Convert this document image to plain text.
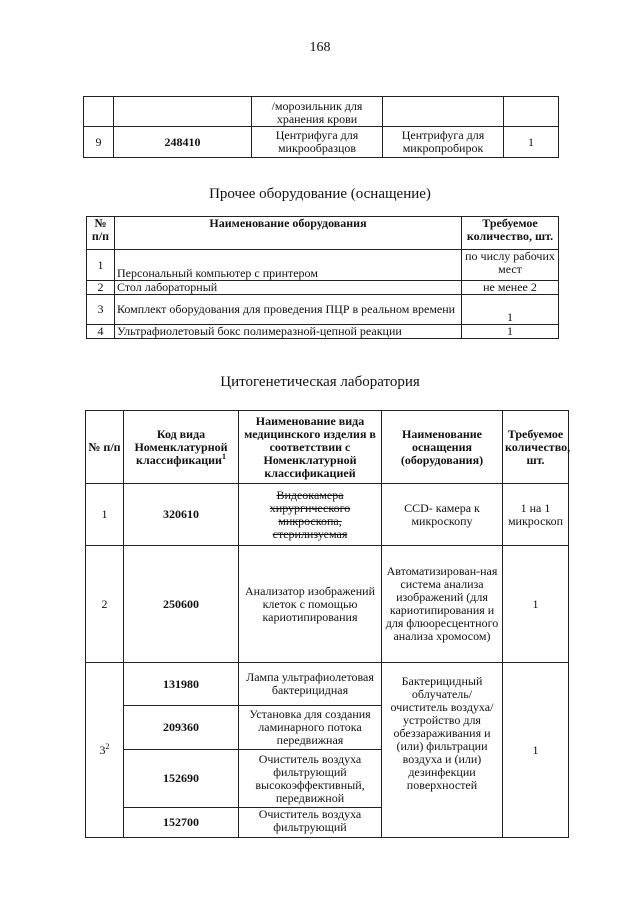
168
		/морозильник для хранения крови		
9	248410	Центрифуга для микрообразцов	Центрифуга для микропробирок	1
Прочее оборудование (оснащение)
№ п/п	Наименование оборудования	Требуемое количество, шт.
1	Персональный компьютер с принтером	по числу рабочих мест
2	Стол лабораторный	не менее 2
3	Комплект оборудования для проведения ПЦР в реальном времени	1
4	Ультрафиолетовый бокс полимеразной-цепной реакции	1
Цитогенетическая лаборатория
№ п/п	Код вида Номенклатурной классификации$^1$	Наименование вида медицинского изделия в соответствии с Номенклатурной классификацией	Наименование оснащения (оборудования)	Требуемое количество, шт.
1	320610	Видеокамера хирургического микроскопа, стерилизуемая	CCD- камера к микроскопу	1 на 1 микроскоп
2	250600	Анализатор изображений клеток с помощью кариотипирования	Автоматизирован-ная система анализа изображений (для кариотипирования и для флюоресцентного анализа хромосом)	1
$3^2$	131980	Лампа ультрафиолетовая бактерицидная	Бактерицидный облучатель/ очиститель воздуха/ устройство для обеззараживания и (или) фильтрации воздуха и (или) дезинфекции поверхностей	1
	209360	Установка для создания ламинарного потока передвижная		
	152690	Очиститель воздуха фильтрующий высокоэффективный, передвижной		
	152700	Очиститель воздуха фильтрующий		
